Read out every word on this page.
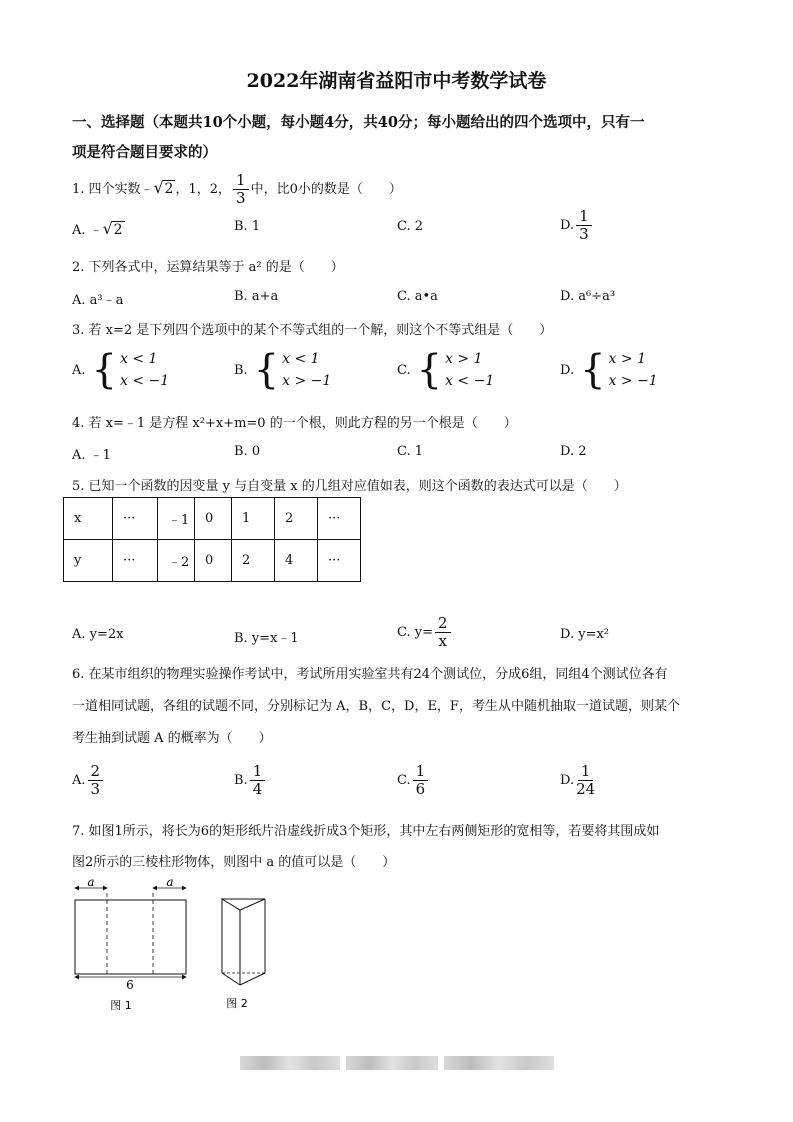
2022年湖南省益阳市中考数学试卷
一、选择题（本题共10个小题，每小题4分，共40分；每小题给出的四个选项中，只有一
项是符合题目要求的）
1. 四个实数﹣ √ 2 ，1，2， $\frac{1}{3}$ 中，比0小的数是（　　）
A. ﹣ √ 2	B. 1	C. 2	D. $\frac{1}{3}$
2. 下列各式中，运算结果等于 a² 的是（　　）
A. a³﹣a	B. a+a	C. a•a	D. a⁶÷a³
3. 若 x=2 是下列四个选项中的某个不等式组的一个解，则这个不等式组是（　　）
A. { x < 1
x < −1
B. { x < 1
x > −1
C. { x > 1
x < −1
D. { x > 1
x > −1
4. 若 x=﹣1 是方程 x²+x+m=0 的一个根，则此方程的另一个根是（　　）
A. ﹣1	B. 0	C. 1	D. 2
5. 已知一个函数的因变量 y 与自变量 x 的几组对应值如表，则这个函数的表达式可以是（　　）
x	···	﹣1	0	1	2	···
y	···	﹣2	0	2	4	···
A. y=2x	B. y=x﹣1	C. $y= \frac{2}{x}$	D. y=x²
6. 在某市组织的物理实验操作考试中，考试所用实验室共有24个测试位，分成6组，同组4个测试位各有
一道相同试题，各组的试题不同，分别标记为 A，B，C，D，E，F，考生从中随机抽取一道试题，则某个
考生抽到试题 A 的概率为（　　）
A. $\frac{2}{3}$	B. $\frac{1}{4}$	C. $\frac{1}{6}$	D. $\frac{1}{24}$
7. 如图1所示，将长为6的矩形纸片沿虚线折成3个矩形，其中左右两侧矩形的宽相等，若要将其围成如
图2所示的三棱柱形物体，则图中 a 的值可以是（　　）
a	a
6
图 1	图 2
